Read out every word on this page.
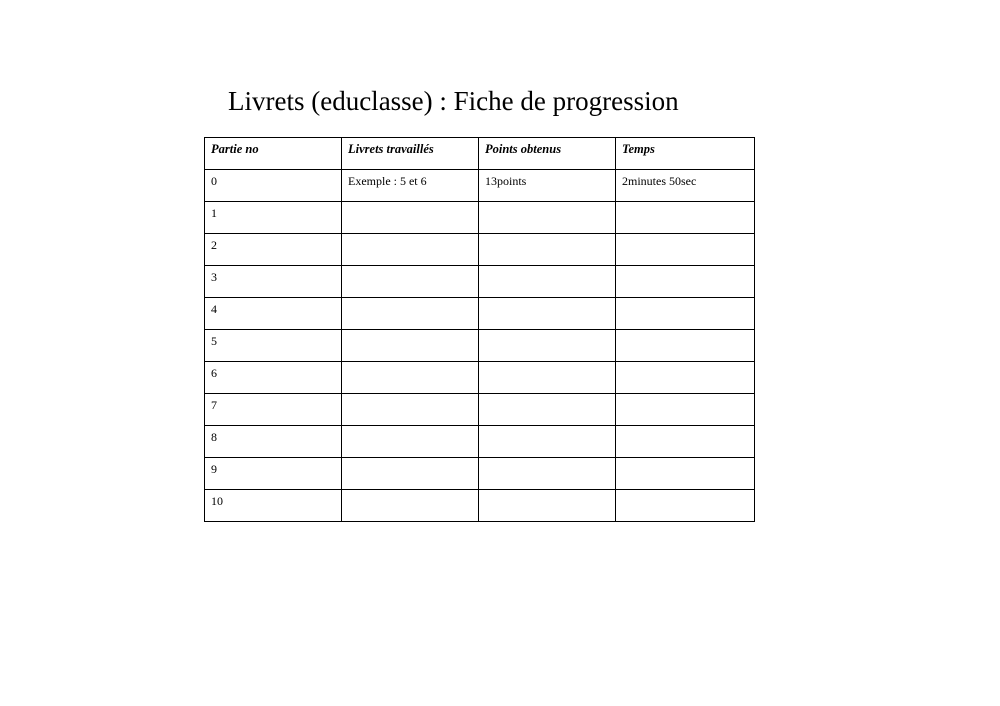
Livrets (educlasse) : Fiche de progression
Partie no	Livrets travaillés	Points obtenus	Temps
0	Exemple : 5 et 6	13points	2minutes 50sec
1			
2			
3			
4			
5			
6			
7			
8			
9			
10			
